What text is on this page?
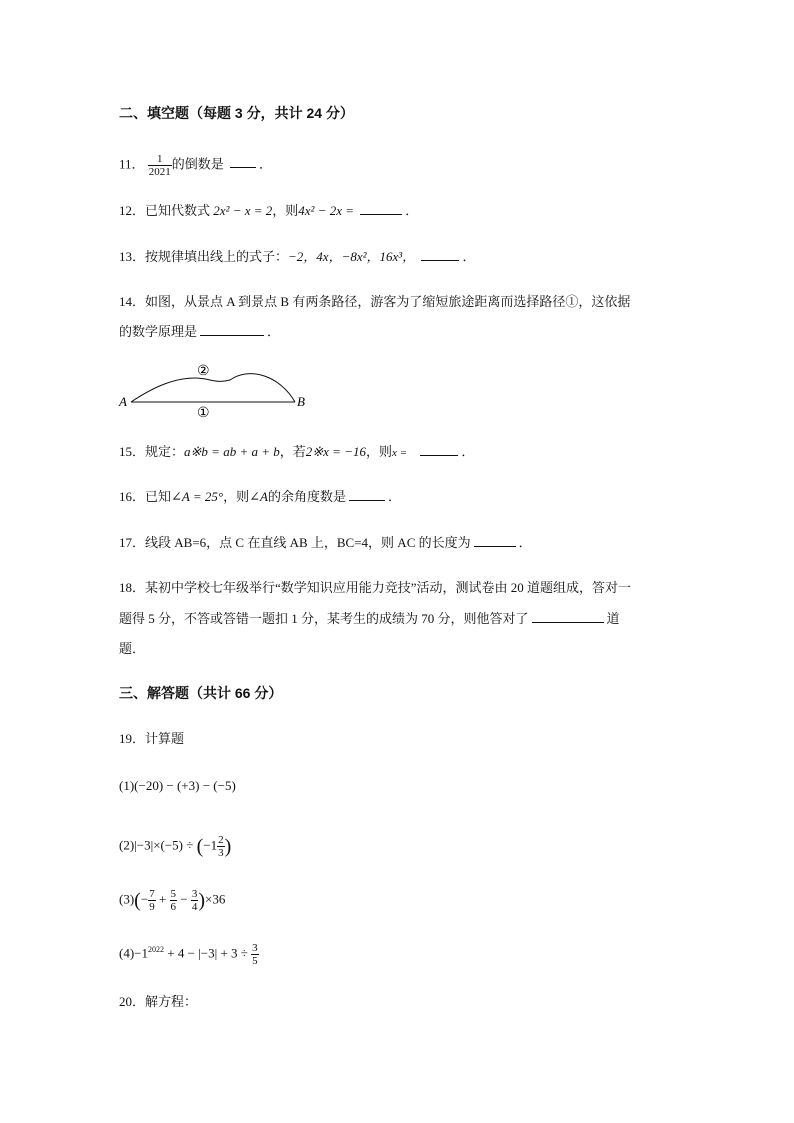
二、填空题（每题 3 分，共计 24 分）
11． $\frac{1}{2021}$ 的倒数是	．
12．已知代数式 2x² − x = 2，则4x² − 2x =	．
13．按规律填出线上的式子：−2，4x，−8x²，16x³，	．
14．如图，从景点 A 到景点 B 有两条路径，游客为了缩短旅途距离而选择路径①，这依据
的数学原理是	．
A	B
①
②
15．规定：a※b = ab + a + b，若2※x = −16，则x =	．
16．已知∠A = 25°，则∠A的余角度数是	．
17．线段 AB=6，点 C 在直线 AB 上，BC=4，则 AC 的长度为	．
18．某初中学校七年级举行“数学知识应用能力竞技”活动，测试卷由 20 道题组成，答对一
题得 5 分，不答或答错一题扣 1 分，某考生的成绩为 70 分，则他答对了	道
题．
三、解答题（共计 66 分）
19．计算题
(1)(−20) − (+3) − (−5)
$(2)|-3|\times(-5) \div (-1 \frac{2}{3}$ )
$(3)(- \frac{7}{9} + \frac{5}{6} - \frac{3}{4} )\times 36$
$(4)-1^{2022} + 4 - |-3| + 3 \div \frac{3}{5}$
20．解方程：
